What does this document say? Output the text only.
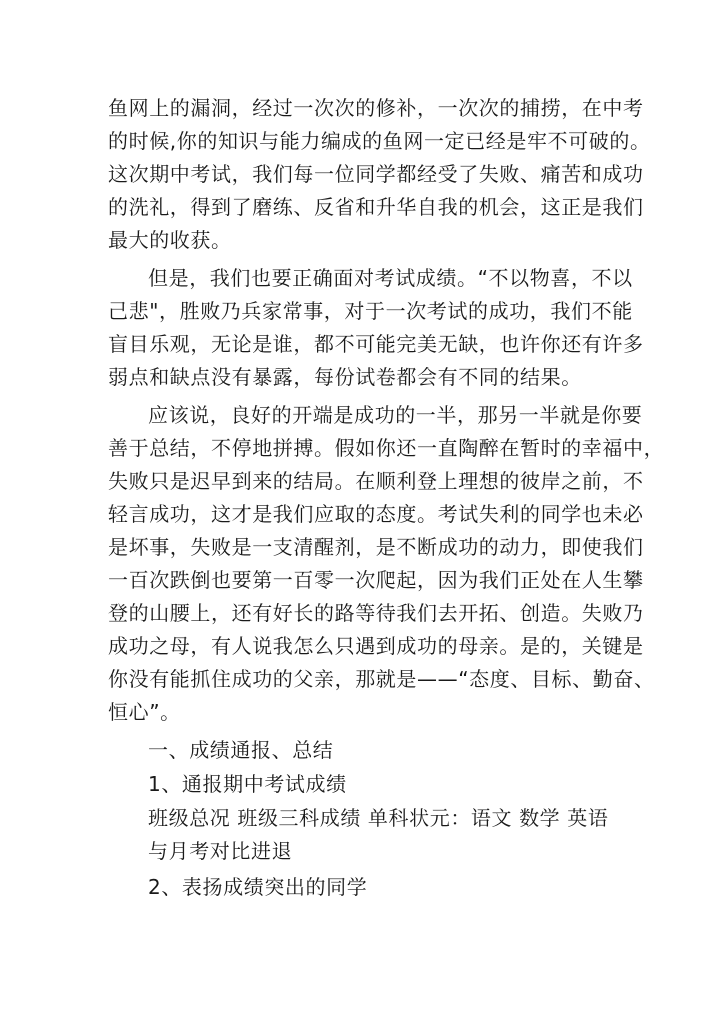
鱼网上的漏洞，经过一次次的修补，一次次的捕捞，在中考
的时候,你的知识与能力编成的鱼网一定已经是牢不可破的。
这次期中考试，我们每一位同学都经受了失败、痛苦和成功
的洗礼，得到了磨练、反省和升华自我的机会，这正是我们
最大的收获。
但是，我们也要正确面对考试成绩。“不以物喜，不以
己悲"，胜败乃兵家常事，对于一次考试的成功，我们不能
盲目乐观，无论是谁，都不可能完美无缺，也许你还有许多
弱点和缺点没有暴露，每份试卷都会有不同的结果。
应该说，良好的开端是成功的一半，那另一半就是你要
善于总结，不停地拼搏。假如你还一直陶醉在暂时的幸福中，
失败只是迟早到来的结局。在顺利登上理想的彼岸之前，不
轻言成功，这才是我们应取的态度。考试失利的同学也未必
是坏事，失败是一支清醒剂，是不断成功的动力，即使我们
一百次跌倒也要第一百零一次爬起，因为我们正处在人生攀
登的山腰上，还有好长的路等待我们去开拓、创造。失败乃
成功之母，有人说我怎么只遇到成功的母亲。是的，关键是
你没有能抓住成功的父亲，那就是——“态度、目标、勤奋、
恒心”。
一、成绩通报、总结
1、通报期中考试成绩
班级总况 班级三科成绩 单科状元：语文 数学 英语
与月考对比进退
2、表扬成绩突出的同学
